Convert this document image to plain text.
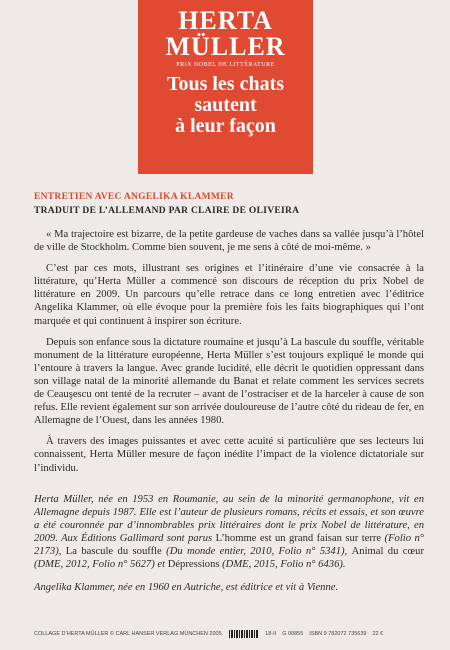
HERTA
MÜLLER
PRIX NOBEL DE LITTÉRATURE
Tous les chats
sautent
à leur façon
ENTRETIEN AVEC ANGELIKA KLAMMER
TRADUIT DE L’ALLEMAND PAR CLAIRE DE OLIVEIRA

« Ma trajectoire est bizarre, de la petite gardeuse de vaches dans sa vallée jusqu’à l’hôtel de ville de Stockholm. Comme bien souvent, je me sens à côté de moi-même. »

C’est par ces mots, illustrant ses origines et l’itinéraire d’une vie consacrée à la littérature, qu’Herta Müller a commencé son discours de réception du prix Nobel de littérature en 2009. Un parcours qu’elle retrace dans ce long entretien avec l’éditrice Angelika Klammer, où elle évoque pour la première fois les faits biographiques qui l’ont marquée et qui continuent à inspirer son écriture.

Depuis son enfance sous la dictature roumaine et jusqu’à La bascule du souffle, véritable monument de la littérature européenne, Herta Müller s’est toujours expliqué le monde qui l’entoure à travers la langue. Avec grande lucidité, elle décrit le quotidien oppressant dans son village natal de la minorité allemande du Banat et relate comment les services secrets de Ceauşescu ont tenté de la recruter – avant de l’ostraciser et de la harceler à cause de son refus. Elle revient également sur son arrivée douloureuse de l’autre côté du rideau de fer, en Allemagne de l’Ouest, dans les années 1980.

À travers des images puissantes et avec cette acuité si particulière que ses lecteurs lui connaissent, Herta Müller mesure de façon inédite l’impact de la violence dictatoriale sur l’individu.

Herta Müller, née en 1953 en Roumanie, au sein de la minorité germanophone, vit en Allemagne depuis 1987. Elle est l’auteur de plusieurs romans, récits et essais, et son œuvre a été couronnée par d’innombrables prix littéraires dont le prix Nobel de littérature, en 2009. Aux Éditions Gallimard sont parus L’homme est un grand faisan sur terre (Folio n° 2173), La bascule du souffle (Du monde entier, 2010, Folio n° 5341), Animal du cœur (DME, 2012, Folio n° 5627) et Dépressions (DME, 2015, Folio n° 6436).

Angelika Klammer, née en 1960 en Autriche, est éditrice et vit à Vienne.

COLLAGE D’HERTA MÜLLER © CARL HANSER VERLAG MÜNCHEN 2005.	18-II G 00855 ISBN 9 782072 735639 22 €
